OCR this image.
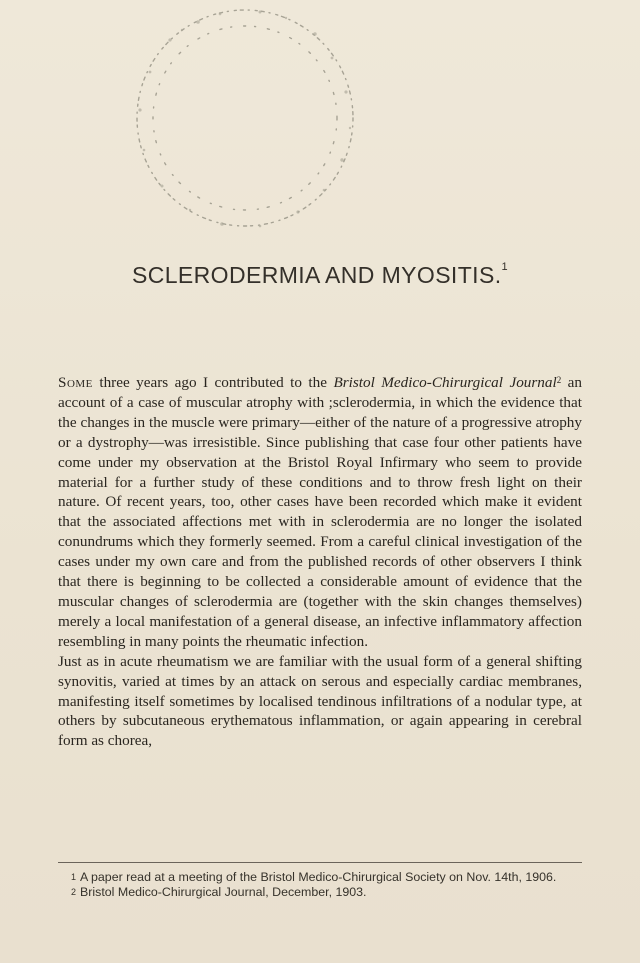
SCLERODERMIA AND MYOSITIS.$^1$

Some three years ago I contributed to the Bristol Medico-Chirurgical Journal$^2$ an account of a case of muscular atrophy with ;sclerodermia, in which the evidence that the changes in the muscle were primary—either of the nature of a progressive atrophy or a dystrophy—was irresistible. Since publishing that case four other patients have come under my observation at the Bristol Royal Infirmary who seem to provide material for a further study of these conditions and to throw fresh light on their nature. Of recent years, too, other cases have been recorded which make it evident that the associated affections met with in sclerodermia are no longer the isolated conundrums which they formerly seemed. From a careful clinical investigation of the cases under my own care and from the published records of other observers I think that there is beginning to be collected a considerable amount of evidence that the muscular changes of sclerodermia are (together with the skin changes themselves) merely a local manifestation of a general disease, an infective inflammatory affection resembling in many points the rheumatic infection.

Just as in acute rheumatism we are familiar with the usual form of a general shifting synovitis, varied at times by an attack on serous and especially cardiac membranes, manifesting itself sometimes by localised tendinous infiltrations of a nodular type, at others by subcutaneous erythematous inflammation, or again appearing in cerebral form as chorea,

1 A paper read at a meeting of the Bristol Medico-Chirurgical Society on Nov. 14th, 1906.

2 Bristol Medico-Chirurgical Journal, December, 1903.
